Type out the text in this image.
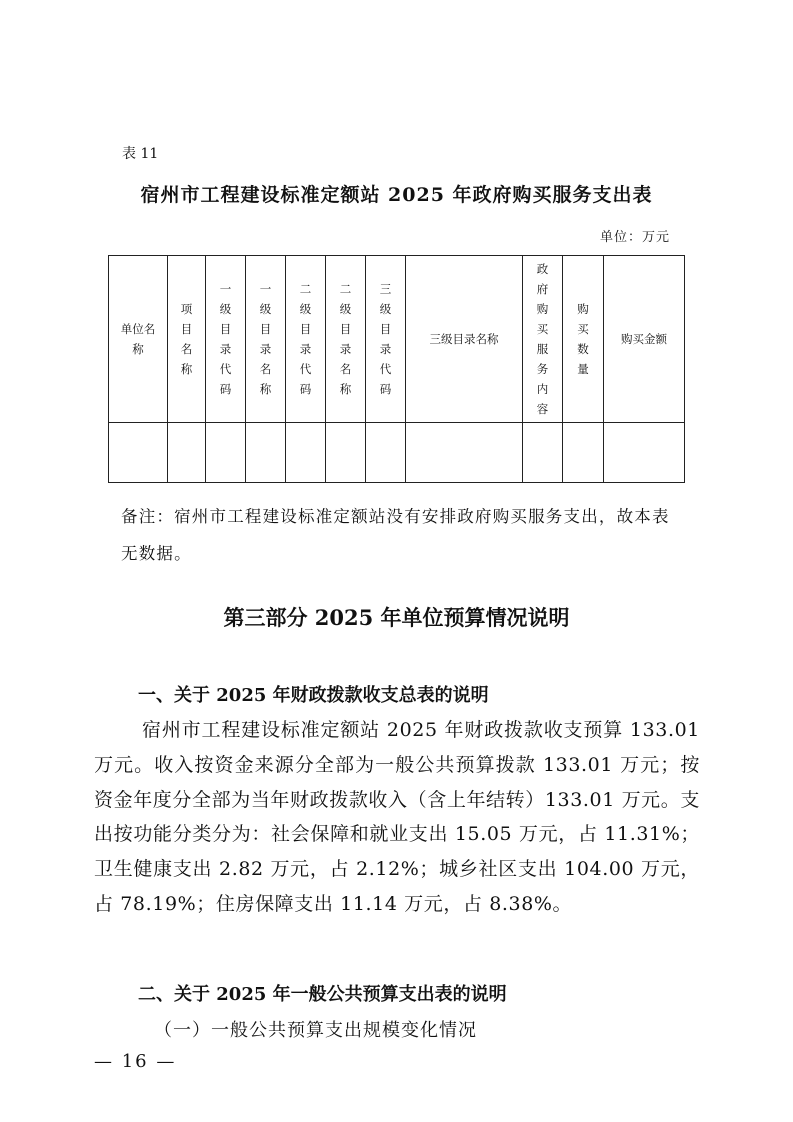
表 11
宿州市工程建设标准定额站 2025 年政府购买服务支出表
单位：万元
单位名称	项目名称	一级目录代码	一级目录名称	二级目录代码	二级目录名称	三级目录代码	三级目录名称	政府购买服务内容	购买数量	购买金额

备注：宿州市工程建设标准定额站没有安排政府购买服务支出，故本表无数据。
第三部分 2025 年单位预算情况说明
一、关于 2025 年财政拨款收支总表的说明
宿州市工程建设标准定额站 2025 年财政拨款收支预算 133.01 万元。收入按资金来源分全部为一般公共预算拨款 133.01 万元；按资金年度分全部为当年财政拨款收入（含上年结转）133.01 万元。支出按功能分类分为：社会保障和就业支出 15.05 万元，占 11.31%；卫生健康支出 2.82 万元，占 2.12%；城乡社区支出 104.00 万元，占 78.19%；住房保障支出 11.14 万元，占 8.38%。
二、关于 2025 年一般公共预算支出表的说明
（一）一般公共预算支出规模变化情况
— 16 —
